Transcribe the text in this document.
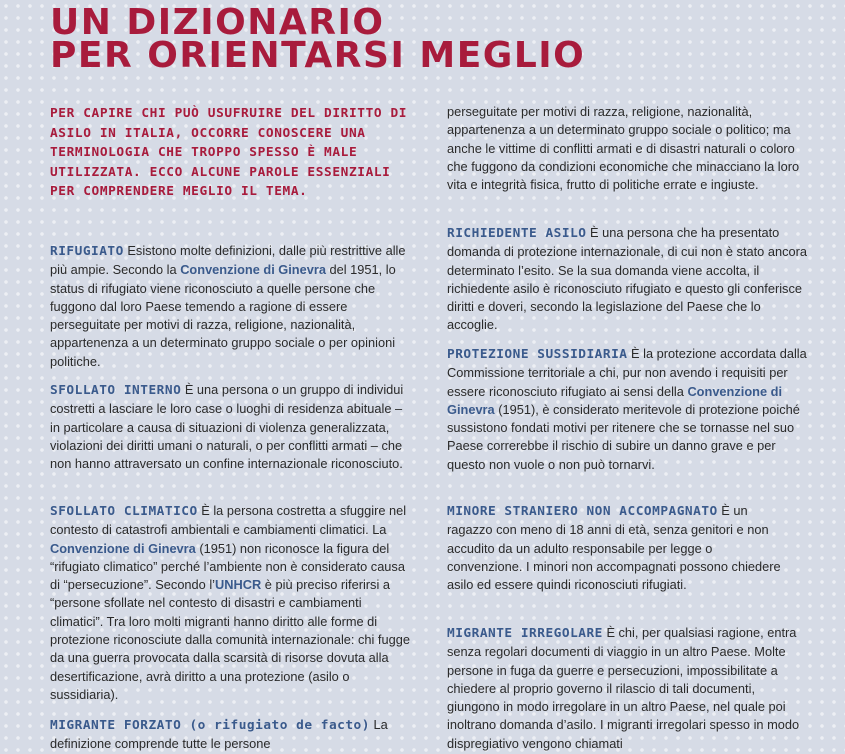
UN DIZIONARIO
PER ORIENTARSI MEGLIO

PER CAPIRE CHI PUÒ USUFRUIRE DEL DIRITTO DI ASILO IN ITALIA, OCCORRE CONOSCERE UNA TERMINOLOGIA CHE TROPPO SPESSO È MALE UTILIZZATA. ECCO ALCUNE PAROLE ESSENZIALI PER COMPRENDERE MEGLIO IL TEMA.

RIFUGIATO Esistono molte definizioni, dalle più restrittive alle più ampie. Secondo la Convenzione di Ginevra del 1951, lo status di rifugiato viene riconosciuto a quelle persone che fuggono dal loro Paese temendo a ragione di essere perseguitate per motivi di razza, religione, nazionalità, appartenenza a un determinato gruppo sociale o per opinioni politiche.

SFOLLATO INTERNO È una persona o un gruppo di individui costretti a lasciare le loro case o luoghi di residenza abituale – in particolare a causa di situazioni di violenza generalizzata, violazioni dei diritti umani o naturali, o per conflitti armati – che non hanno attraversato un confine internazionale riconosciuto.

SFOLLATO CLIMATICO È la persona costretta a sfuggire nel contesto di catastrofi ambientali e cambiamenti climatici. La Convenzione di Ginevra (1951) non riconosce la figura del “rifugiato climatico” perché l’ambiente non è considerato causa di “persecuzione”. Secondo l’UNHCR è più preciso riferirsi a “persone sfollate nel contesto di disastri e cambiamenti climatici”. Tra loro molti migranti hanno diritto alle forme di protezione riconosciute dalla comunità internazionale: chi fugge da una guerra provocata dalla scarsità di risorse dovuta alla desertificazione, avrà diritto a una protezione (asilo o sussidiaria).

MIGRANTE FORZATO (o rifugiato de facto) La definizione comprende tutte le persone

perseguitate per motivi di razza, religione, nazionalità, appartenenza a un determinato gruppo sociale o politico; ma anche le vittime di conflitti armati e di disastri naturali o coloro che fuggono da condizioni economiche che minacciano la loro vita e integrità fisica, frutto di politiche errate e ingiuste.

RICHIEDENTE ASILO È una persona che ha presentato domanda di protezione internazionale, di cui non è stato ancora determinato l’esito. Se la sua domanda viene accolta, il richiedente asilo è riconosciuto rifugiato e questo gli conferisce diritti e doveri, secondo la legislazione del Paese che lo accoglie.

PROTEZIONE SUSSIDIARIA È la protezione accordata dalla Commissione territoriale a chi, pur non avendo i requisiti per essere riconosciuto rifugiato ai sensi della Convenzione di Ginevra (1951), è considerato meritevole di protezione poiché sussistono fondati motivi per ritenere che se tornasse nel suo Paese correrebbe il rischio di subire un danno grave e per questo non vuole o non può tornarvi.

MINORE STRANIERO NON ACCOMPAGNATO È un ragazzo con meno di 18 anni di età, senza genitori e non accudito da un adulto responsabile per legge o convenzione. I minori non accompagnati possono chiedere asilo ed essere quindi riconosciuti rifugiati.

MIGRANTE IRREGOLARE È chi, per qualsiasi ragione, entra senza regolari documenti di viaggio in un altro Paese. Molte persone in fuga da guerre e persecuzioni, impossibilitate a chiedere al proprio governo il rilascio di tali documenti, giungono in modo irregolare in un altro Paese, nel quale poi inoltrano domanda d’asilo. I migranti irregolari spesso in modo dispregiativo vengono chiamati
